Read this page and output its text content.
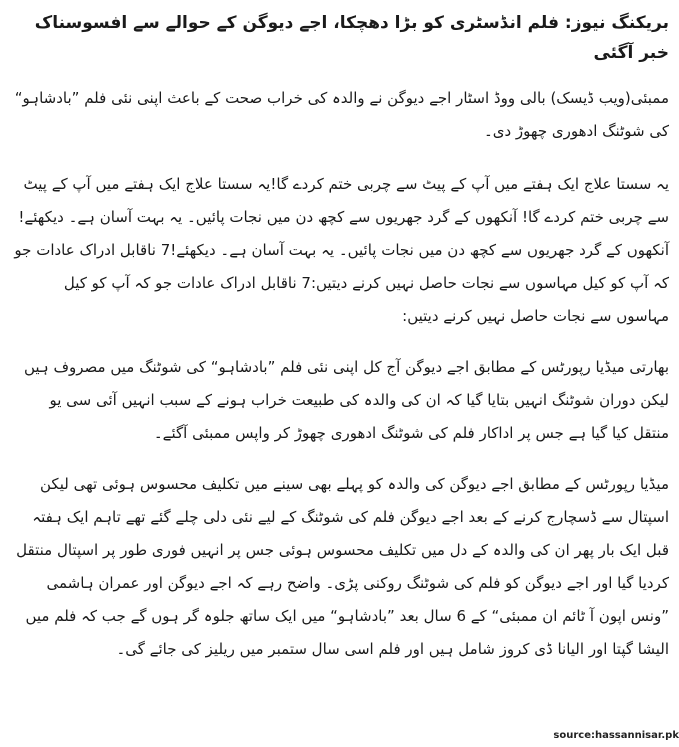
بریکنگ نیوز: فلم انڈسٹری کو بڑا دھچکا، اجے دیوگن کے حوالے سے افسوسناک خبر آگئی

ممبئی(ویب ڈیسک) بالی ووڈ اسٹار اجے دیوگن نے والدہ کی خراب صحت کے باعث اپنی نئی فلم ”بادشاہو“ کی شوٹنگ ادھوری چھوڑ دی۔

یہ سستا علاج ایک ہفتے میں آپ کے پیٹ سے چربی ختم کردے گا!یہ سستا علاج ایک ہفتے میں آپ کے پیٹ سے چربی ختم کردے گا! آنکھوں کے گرد جھریوں سے کچھ دن میں نجات پائیں۔ یہ بہت آسان ہے۔ دیکھئے!آنکھوں کے گرد جھریوں سے کچھ دن میں نجات پائیں۔ یہ بہت آسان ہے۔ دیکھئے!7 ناقابل ادراک عادات جو کہ آپ کو کیل مہاسوں سے نجات حاصل نہیں کرنے دیتیں:7 ناقابل ادراک عادات جو کہ آپ کو کیل مہاسوں سے نجات حاصل نہیں کرنے دیتیں:

بھارتی میڈیا رپورٹس کے مطابق اجے دیوگن آج کل اپنی نئی فلم ”بادشاہو“ کی شوٹنگ میں مصروف ہیں لیکن دوران شوٹنگ انہیں بتایا گیا کہ ان کی والدہ کی طبیعت خراب ہونے کے سبب انہیں آئی سی یو منتقل کیا گیا ہے جس پر اداکار فلم کی شوٹنگ ادھوری چھوڑ کر واپس ممبئی آگئے۔

میڈیا رپورٹس کے مطابق اجے دیوگن کی والدہ کو پہلے بھی سینے میں تکلیف محسوس ہوئی تھی لیکن اسپتال سے ڈسچارج کرنے کے بعد اجے دیوگن فلم کی شوٹنگ کے لیے نئی دلی چلے گئے تھے تاہم ایک ہفتہ قبل ایک بار پھر ان کی والدہ کے دل میں تکلیف محسوس ہوئی جس پر انہیں فوری طور پر اسپتال منتقل کردیا گیا اور اجے دیوگن کو فلم کی شوٹنگ روکنی پڑی۔ واضح رہے کہ اجے دیوگن اور عمران ہاشمی ”ونس اپون آ ٹائم ان ممبئی“ کے 6 سال بعد ”بادشاہو“ میں ایک ساتھ جلوہ گر ہوں گے جب کہ فلم میں الیشا گپتا اور الیانا ڈی کروز شامل ہیں اور فلم اسی سال ستمبر میں ریلیز کی جائے گی۔

source:hassannisar.pk
